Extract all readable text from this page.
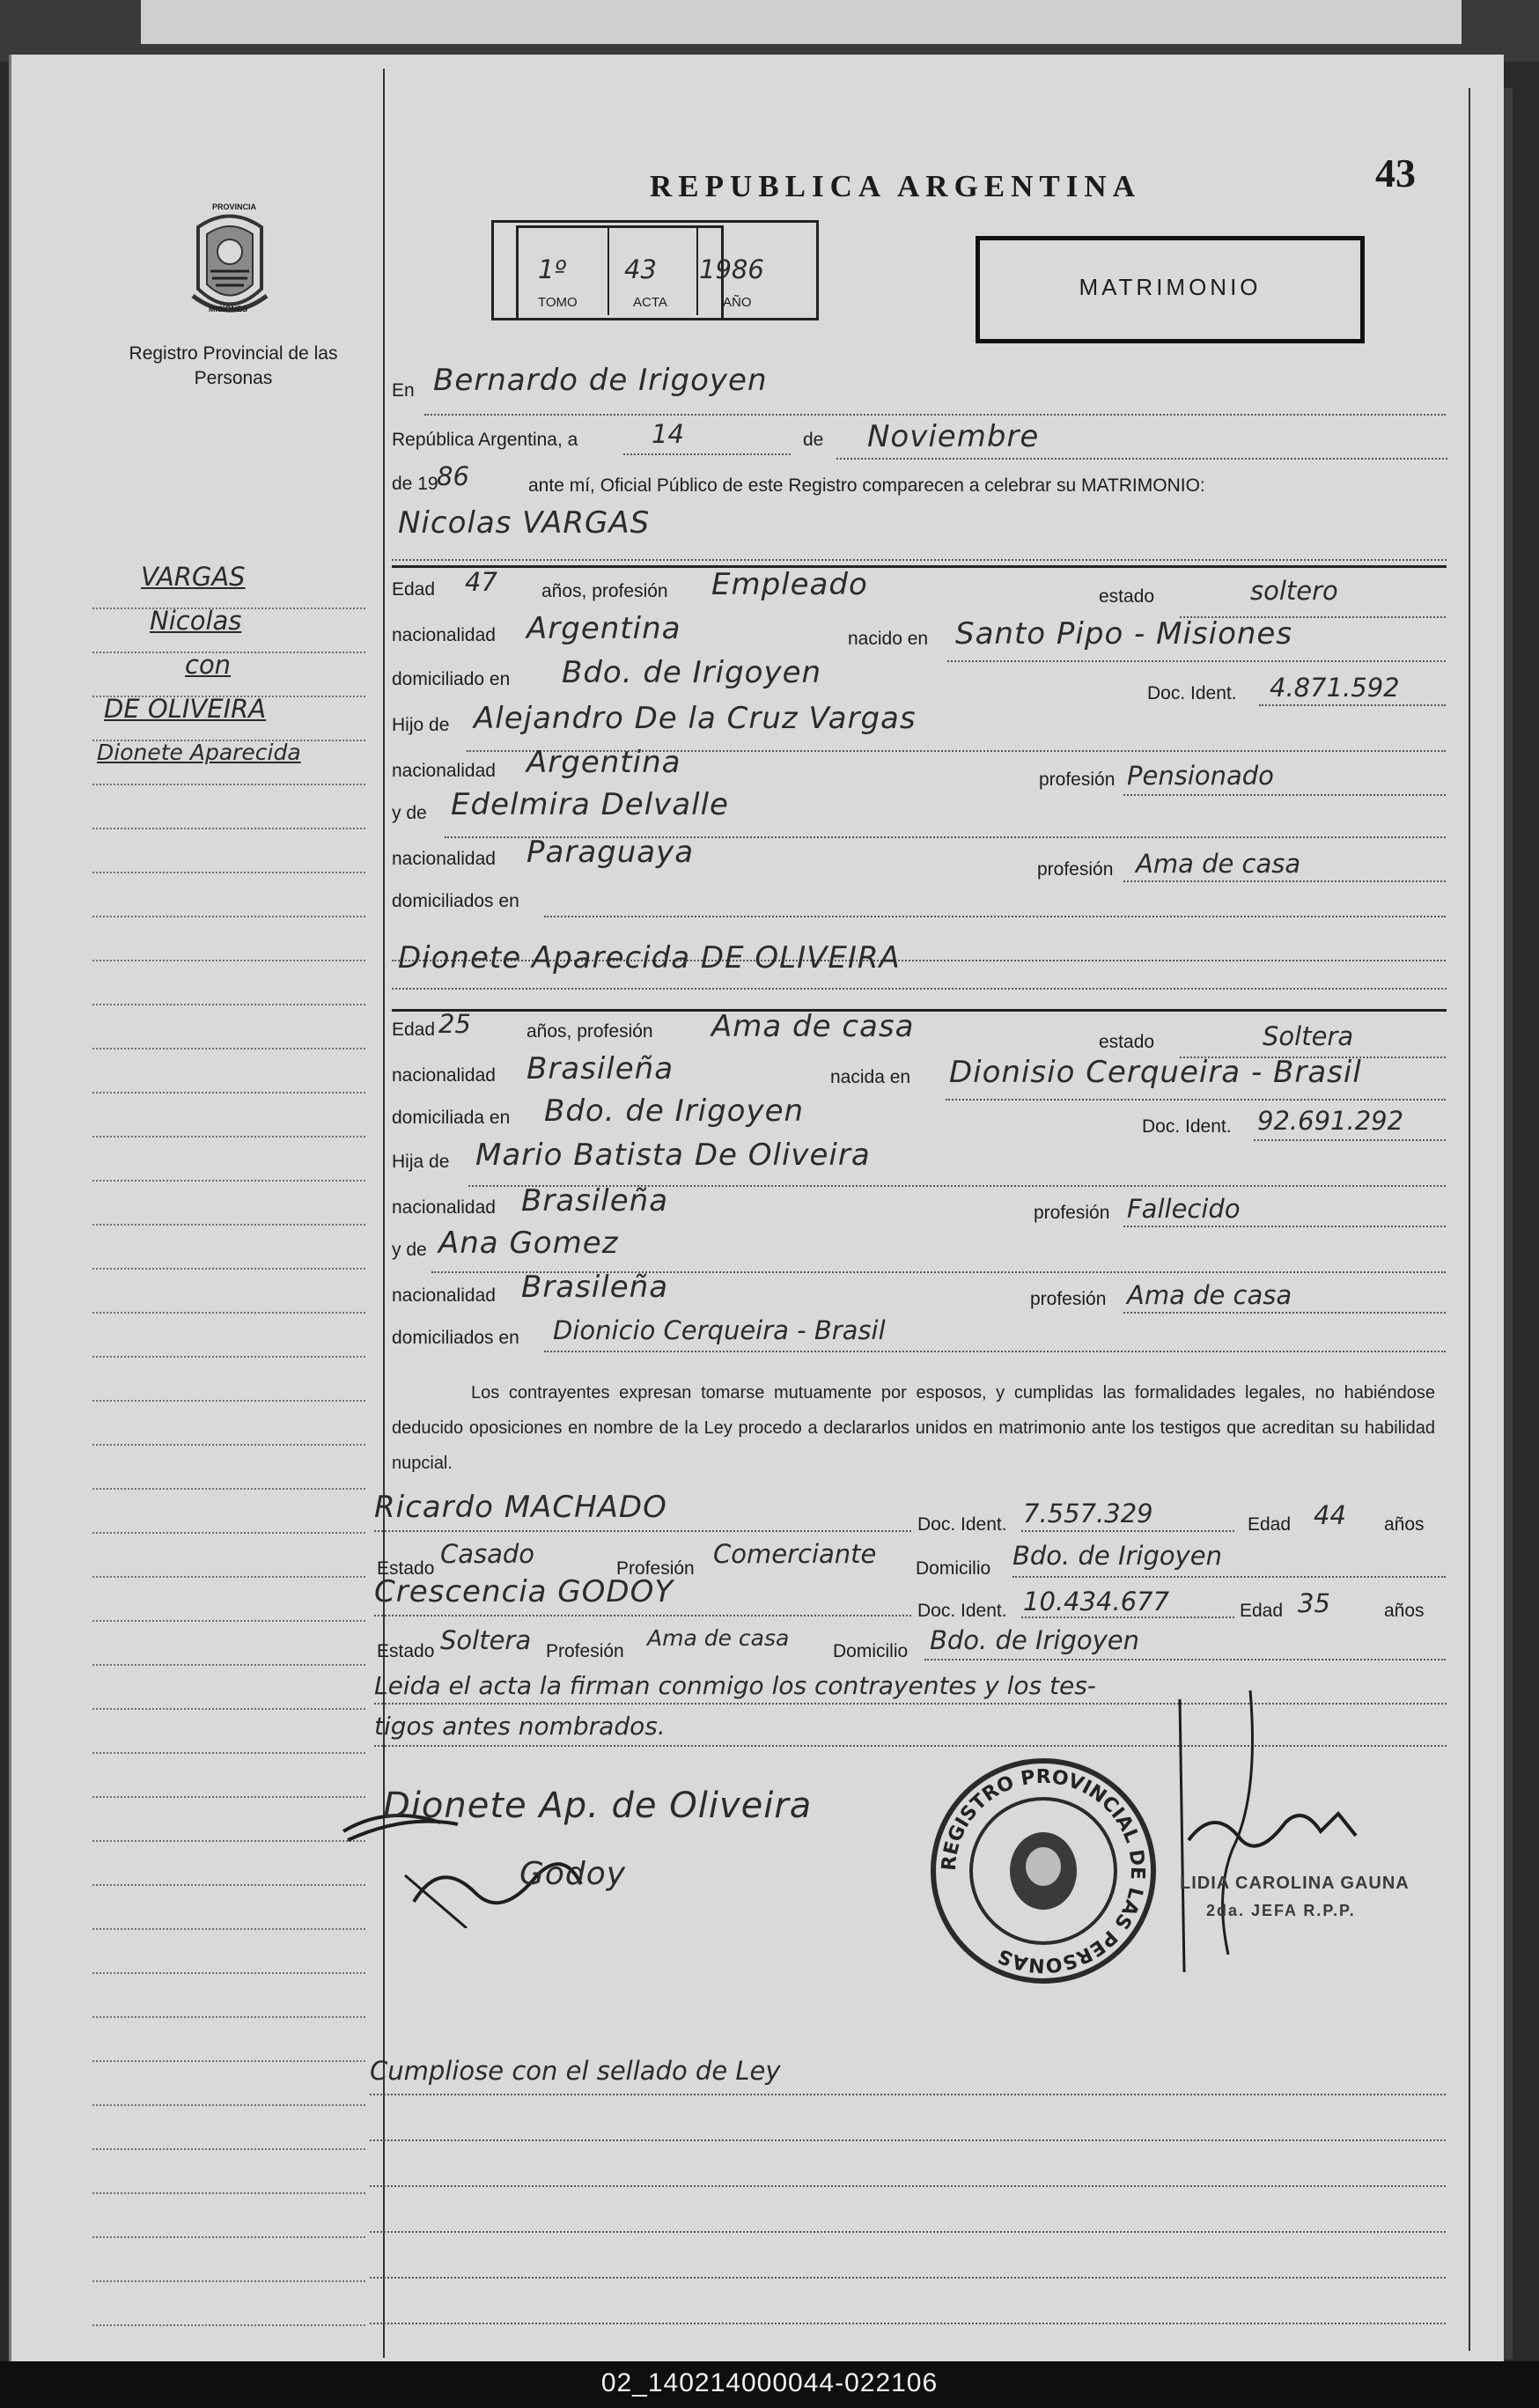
PROVINCIA
MISIONES
Registro Provincial de las Personas
REPUBLICA ARGENTINA	43
1º 43 1986
TOMO	ACTA	AÑO
MATRIMONIO
VARGAS
Nicolas
con
DE OLIVEIRA
Dionete Aparecida
En Bernardo de Irigoyen
República Argentina, a	14	de Noviembre
de 19
86	ante mí, Oficial Público de este Registro comparecen a celebrar su MATRIMONIO:
Nicolas VARGAS
Edad 47 años, profesión Empleado	estado	soltero
nacionalidad Argentina	nacido en Santo Pipo - Misiones
domiciliado en Bdo. de Irigoyen
Doc. Ident. 4.871.592
Hijo de Alejandro De la Cruz Vargas
nacionalidad Argentina	profesión Pensionado
y de Edelmira Delvalle
nacionalidad Paraguaya	profesión Ama de casa
domiciliados en
Dionete Aparecida DE OLIVEIRA
Edad 25	años, profesión Ama de casa	estado	Soltera
nacionalidad Brasileña	nacida en Dionisio Cerqueira - Brasil
domiciliada en Bdo. de Irigoyen	Doc. Ident. 92.691.292
Hija de Mario Batista De Oliveira
nacionalidad Brasileña	profesión Fallecido
y de Ana Gomez
nacionalidad Brasileña	profesión Ama de casa
domiciliados en Dionicio Cerqueira - Brasil
Los contrayentes expresan tomarse mutuamente por esposos, y cumplidas las formalidades legales, no habiéndose deducido oposiciones en nombre de la Ley procedo a declararlos unidos en matrimonio ante los testigos que acreditan su habilidad nupcial.
Ricardo MACHADO	Doc. Ident. 7.557.329	Edad 44 años
Estado Casado	Profesión Comerciante Domicilio Bdo. de Irigoyen
Crescencia GODOY
Doc. Ident. 10.434.677	Edad 35	años
Estado Soltera Profesión
Ama de casa
Domicilio Bdo. de Irigoyen
Leida el acta la firman conmigo los contrayentes y los tes-
tigos antes nombrados.
Dionete Ap. de Oliveira
Godoy	REGISTRO PROVINCIAL DE LAS PERSONAS
LIDIA CAROLINA GAUNA
2da. JEFA R.P.P.
Cumpliose con el sellado de Ley
02_140214000044-022106
